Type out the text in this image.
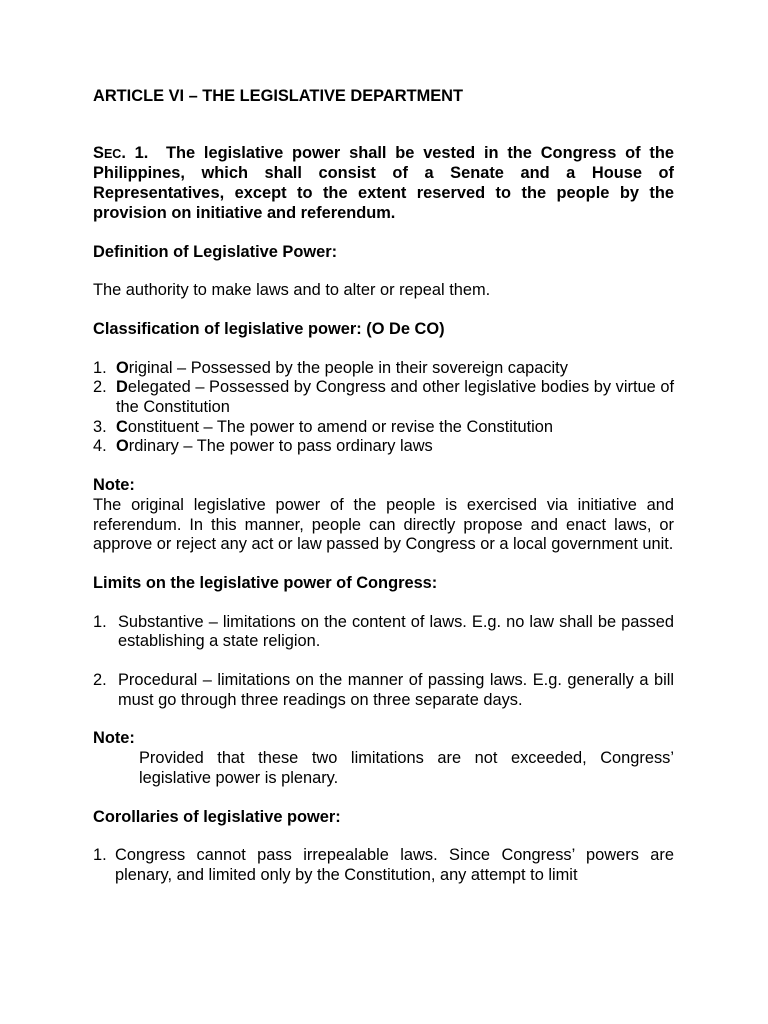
ARTICLE VI – THE LEGISLATIVE DEPARTMENT

SEC. 1. The legislative power shall be vested in the Congress of the Philippines, which shall consist of a Senate and a House of Representatives, except to the extent reserved to the people by the provision on initiative and referendum.
Definition of Legislative Power:
The authority to make laws and to alter or repeal them.
Classification of legislative power: (O De CO)
1. Original – Possessed by the people in their sovereign capacity
2. Delegated – Possessed by Congress and other legislative bodies by virtue of the Constitution
3. Constituent – The power to amend or revise the Constitution
4. Ordinary – The power to pass ordinary laws
Note:
The original legislative power of the people is exercised via initiative and referendum. In this manner, people can directly propose and enact laws, or approve or reject any act or law passed by Congress or a local government unit.
Limits on the legislative power of Congress:
1. Substantive – limitations on the content of laws. E.g. no law shall be passed establishing a state religion.
2. Procedural – limitations on the manner of passing laws. E.g. generally a bill must go through three readings on three separate days.
Note:
Provided that these two limitations are not exceeded, Congress’ legislative power is plenary.
Corollaries of legislative power:
1. Congress cannot pass irrepealable laws. Since Congress’ powers are plenary, and limited only by the Constitution, any attempt to limit
